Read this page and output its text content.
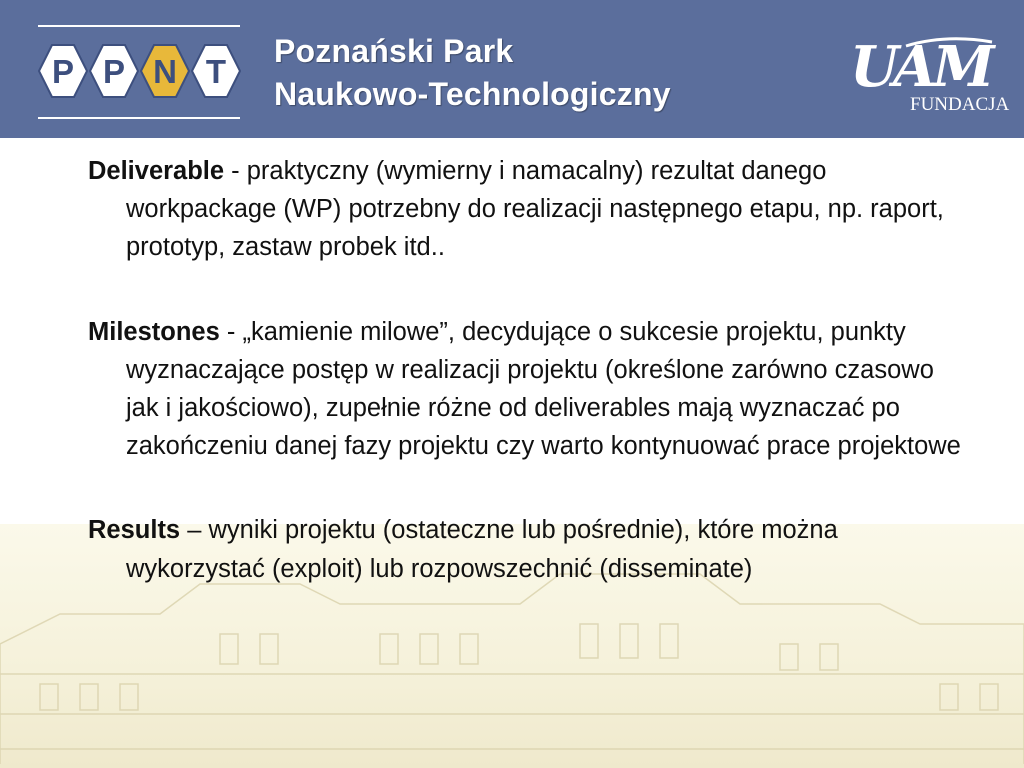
P P N T
Poznański Park
Naukowo-Technologiczny	UAM
FUNDACJA

Deliverable - praktyczny (wymierny i namacalny) rezultat danego workpackage (WP) potrzebny do realizacji następnego etapu, np. raport, prototyp, zastaw probek itd..

Milestones - „kamienie milowe”, decydujące o sukcesie projektu, punkty wyznaczające postęp w realizacji projektu (określone zarówno czasowo jak i jakościowo), zupełnie różne od deliverables mają wyznaczać po zakończeniu danej fazy projektu czy warto kontynuować prace projektowe

Results – wyniki projektu (ostateczne lub pośrednie), które można wykorzystać (exploit) lub rozpowszechnić (disseminate)
